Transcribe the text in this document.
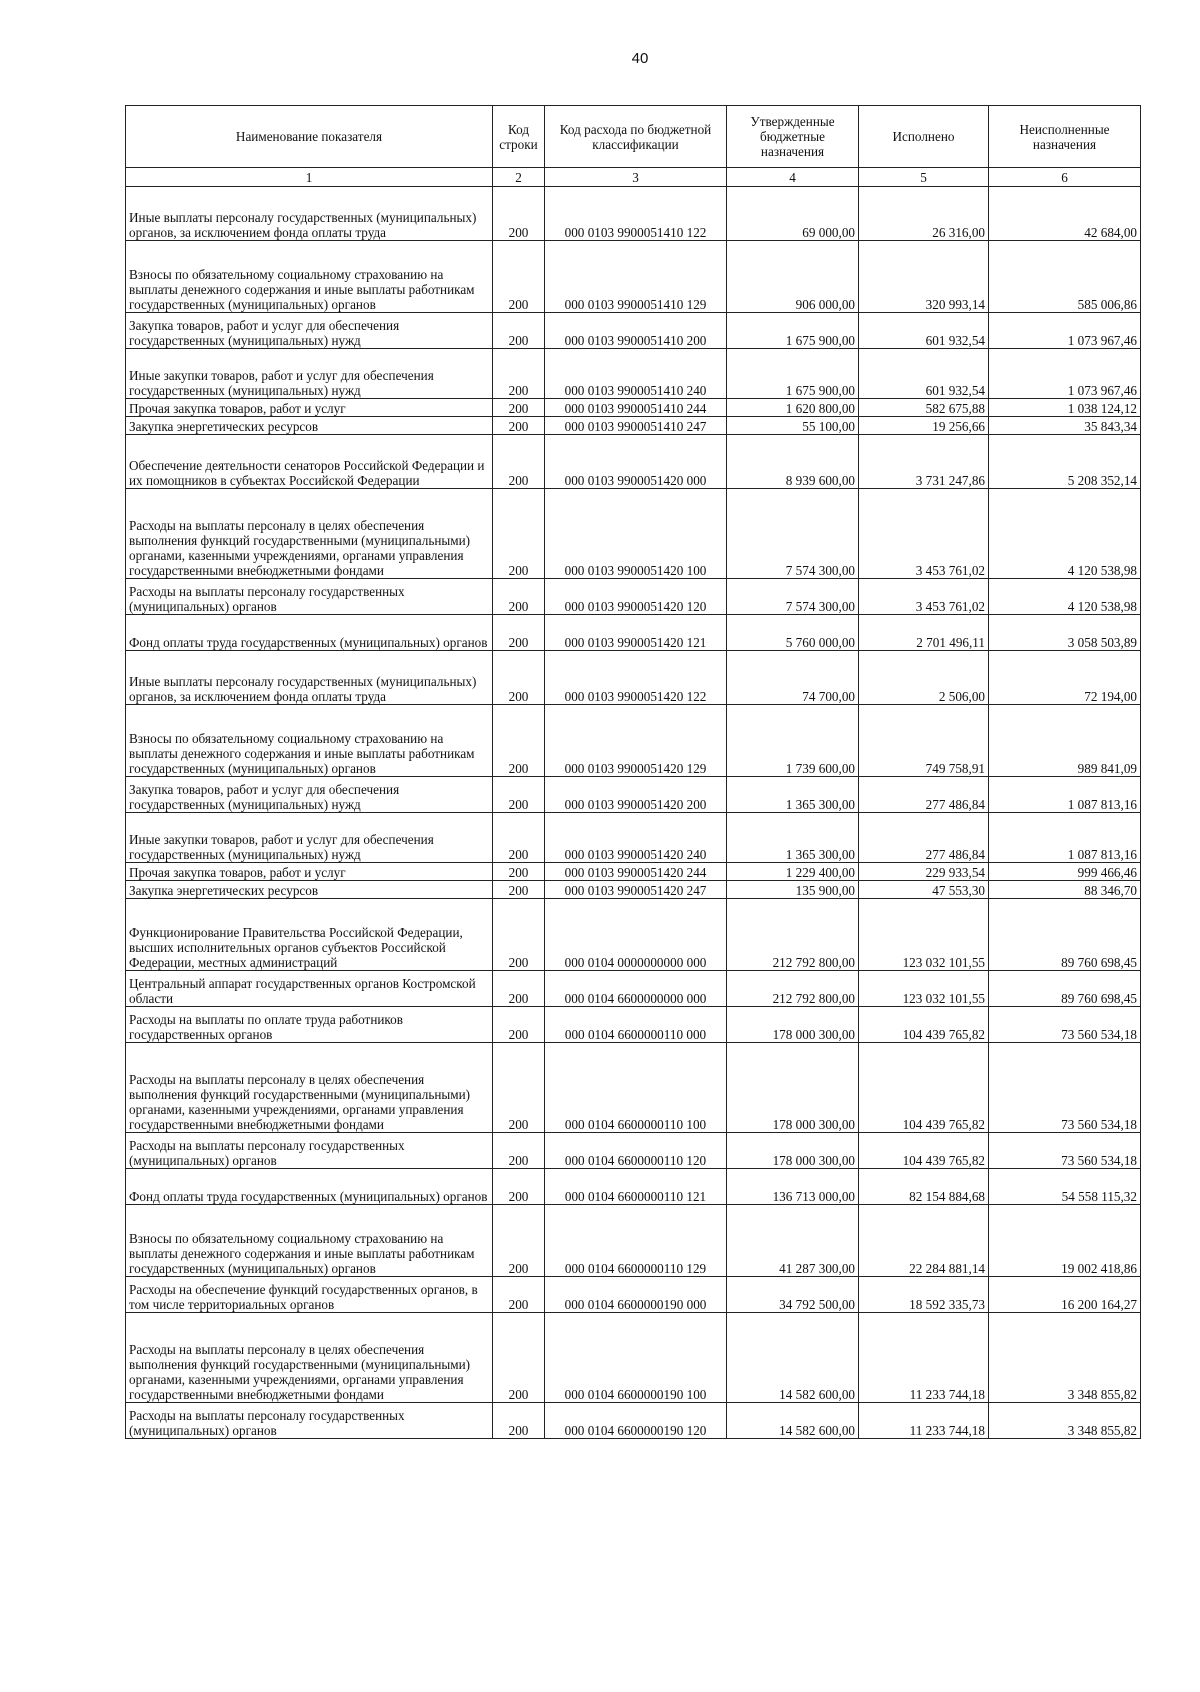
40
Наименование показателя	Код строки	Код расхода по бюджетной классификации	Утвержденные бюджетные назначения	Исполнено	Неисполненные назначения
1	2	3	4	5	6
Иные выплаты персоналу государственных (муниципальных) органов, за исключением фонда оплаты труда	200	000 0103 9900051410 122	69 000,00	26 316,00	42 684,00
Взносы по обязательному социальному страхованию на выплаты денежного содержания и иные выплаты работникам государственных (муниципальных) органов	200	000 0103 9900051410 129	906 000,00	320 993,14	585 006,86
Закупка товаров, работ и услуг для обеспечения государственных (муниципальных) нужд	200	000 0103 9900051410 200	1 675 900,00	601 932,54	1 073 967,46
Иные закупки товаров, работ и услуг для обеспечения государственных (муниципальных) нужд	200	000 0103 9900051410 240	1 675 900,00	601 932,54	1 073 967,46
Прочая закупка товаров, работ и услуг	200	000 0103 9900051410 244	1 620 800,00	582 675,88	1 038 124,12
Закупка энергетических ресурсов	200	000 0103 9900051410 247	55 100,00	19 256,66	35 843,34
Обеспечение деятельности сенаторов Российской Федерации и их помощников в субъектах Российской Федерации	200	000 0103 9900051420 000	8 939 600,00	3 731 247,86	5 208 352,14
Расходы на выплаты персоналу в целях обеспечения выполнения функций государственными (муниципальными) органами, казенными учреждениями, органами управления государственными внебюджетными фондами	200	000 0103 9900051420 100	7 574 300,00	3 453 761,02	4 120 538,98
Расходы на выплаты персоналу государственных (муниципальных) органов	200	000 0103 9900051420 120	7 574 300,00	3 453 761,02	4 120 538,98
Фонд оплаты труда государственных (муниципальных) органов	200	000 0103 9900051420 121	5 760 000,00	2 701 496,11	3 058 503,89
Иные выплаты персоналу государственных (муниципальных) органов, за исключением фонда оплаты труда	200	000 0103 9900051420 122	74 700,00	2 506,00	72 194,00
Взносы по обязательному социальному страхованию на выплаты денежного содержания и иные выплаты работникам государственных (муниципальных) органов	200	000 0103 9900051420 129	1 739 600,00	749 758,91	989 841,09
Закупка товаров, работ и услуг для обеспечения государственных (муниципальных) нужд	200	000 0103 9900051420 200	1 365 300,00	277 486,84	1 087 813,16
Иные закупки товаров, работ и услуг для обеспечения государственных (муниципальных) нужд	200	000 0103 9900051420 240	1 365 300,00	277 486,84	1 087 813,16
Прочая закупка товаров, работ и услуг	200	000 0103 9900051420 244	1 229 400,00	229 933,54	999 466,46
Закупка энергетических ресурсов	200	000 0103 9900051420 247	135 900,00	47 553,30	88 346,70
Функционирование Правительства Российской Федерации, высших исполнительных органов субъектов Российской Федерации, местных администраций	200	000 0104 0000000000 000	212 792 800,00	123 032 101,55	89 760 698,45
Центральный аппарат государственных органов Костромской области	200	000 0104 6600000000 000	212 792 800,00	123 032 101,55	89 760 698,45
Расходы на выплаты по оплате труда работников государственных органов	200	000 0104 6600000110 000	178 000 300,00	104 439 765,82	73 560 534,18
Расходы на выплаты персоналу в целях обеспечения выполнения функций государственными (муниципальными) органами, казенными учреждениями, органами управления государственными внебюджетными фондами	200	000 0104 6600000110 100	178 000 300,00	104 439 765,82	73 560 534,18
Расходы на выплаты персоналу государственных (муниципальных) органов	200	000 0104 6600000110 120	178 000 300,00	104 439 765,82	73 560 534,18
Фонд оплаты труда государственных (муниципальных) органов	200	000 0104 6600000110 121	136 713 000,00	82 154 884,68	54 558 115,32
Взносы по обязательному социальному страхованию на выплаты денежного содержания и иные выплаты работникам государственных (муниципальных) органов	200	000 0104 6600000110 129	41 287 300,00	22 284 881,14	19 002 418,86
Расходы на обеспечение функций государственных органов, в том числе территориальных органов	200	000 0104 6600000190 000	34 792 500,00	18 592 335,73	16 200 164,27
Расходы на выплаты персоналу в целях обеспечения выполнения функций государственными (муниципальными) органами, казенными учреждениями, органами управления государственными внебюджетными фондами	200	000 0104 6600000190 100	14 582 600,00	11 233 744,18	3 348 855,82
Расходы на выплаты персоналу государственных (муниципальных) органов	200	000 0104 6600000190 120	14 582 600,00	11 233 744,18	3 348 855,82
